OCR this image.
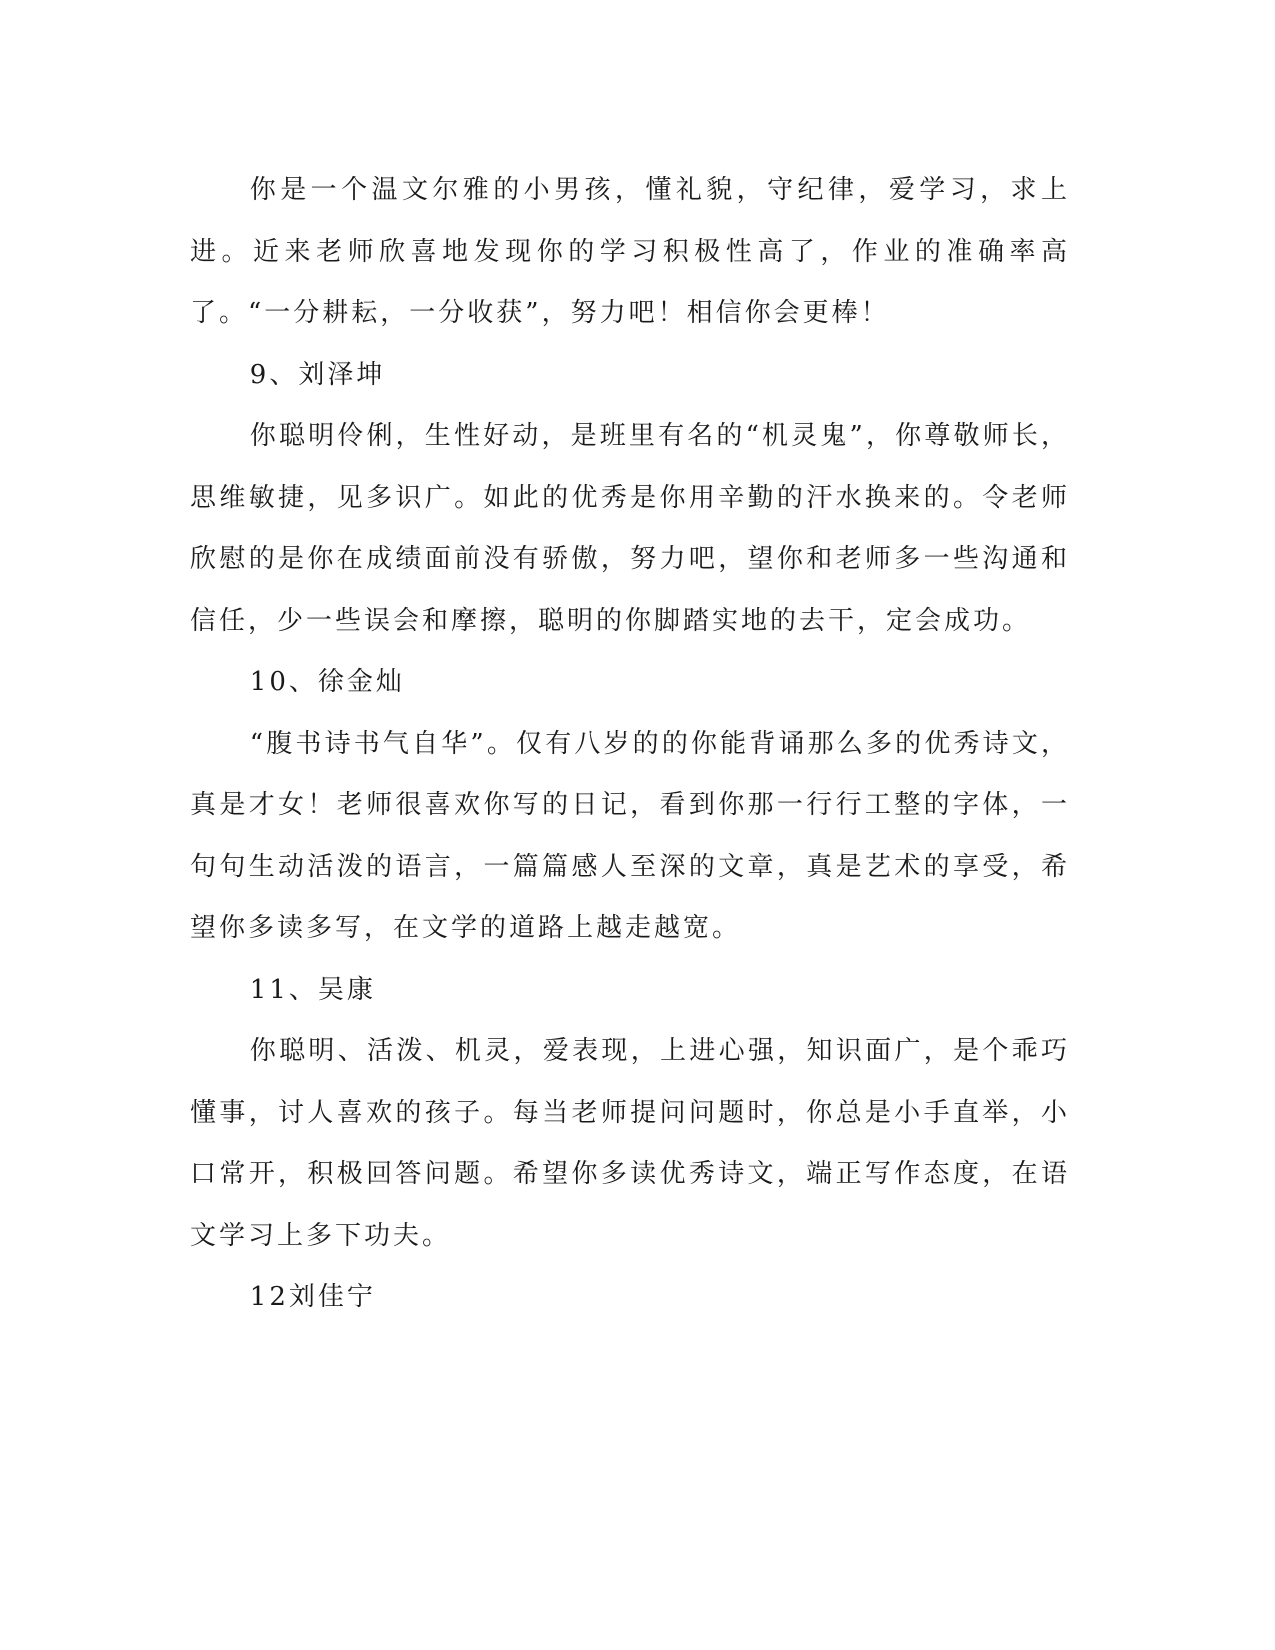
你是一个温文尔雅的小男孩，懂礼貌，守纪律，爱学习，求上进。近来老师欣喜地发现你的学习积极性高了，作业的准确率高了。“一分耕耘，一分收获”，努力吧！相信你会更棒！

9、刘泽坤

你聪明伶俐，生性好动，是班里有名的“机灵鬼”，你尊敬师长，思维敏捷，见多识广。如此的优秀是你用辛勤的汗水换来的。令老师欣慰的是你在成绩面前没有骄傲，努力吧，望你和老师多一些沟通和信任，少一些误会和摩擦，聪明的你脚踏实地的去干，定会成功。

10、徐金灿

“腹书诗书气自华”。仅有八岁的的你能背诵那么多的优秀诗文，真是才女！老师很喜欢你写的日记，看到你那一行行工整的字体，一句句生动活泼的语言，一篇篇感人至深的文章，真是艺术的享受，希望你多读多写，在文学的道路上越走越宽。

11、吴康

你聪明、活泼、机灵，爱表现，上进心强，知识面广，是个乖巧懂事，讨人喜欢的孩子。每当老师提问问题时，你总是小手直举，小口常开，积极回答问题。希望你多读优秀诗文，端正写作态度，在语文学习上多下功夫。

12刘佳宁
